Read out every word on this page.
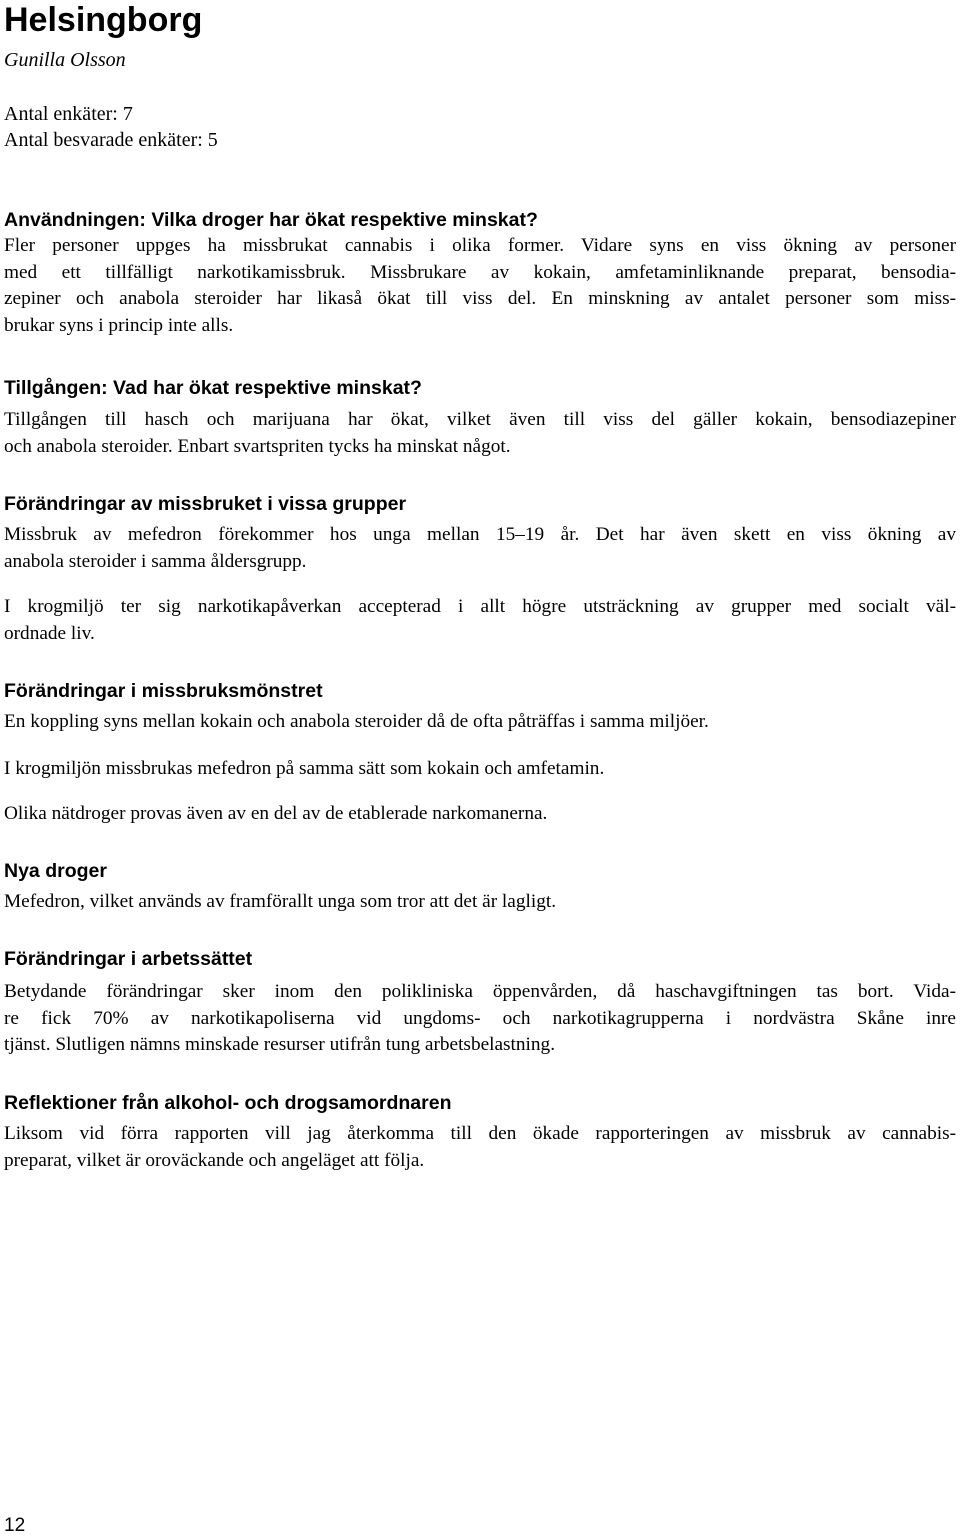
Helsingborg
Gunilla Olsson
Antal enkäter: 7
Antal besvarade enkäter: 5
Användningen: Vilka droger har ökat respektive minskat?
Fler personer uppges ha missbrukat cannabis i olika former. Vidare syns en viss ökning av personer
med ett tillfälligt narkotikamissbruk. Missbrukare av kokain, amfetaminliknande preparat, bensodia-
zepiner och anabola steroider har likaså ökat till viss del. En minskning av antalet personer som miss-
brukar syns i princip inte alls.
Tillgången: Vad har ökat respektive minskat?
Tillgången till hasch och marijuana har ökat, vilket även till viss del gäller kokain, bensodiazepiner
och anabola steroider. Enbart svartspriten tycks ha minskat något.
Förändringar av missbruket i vissa grupper
Missbruk av mefedron förekommer hos unga mellan 15–19 år. Det har även skett en viss ökning av
anabola steroider i samma åldersgrupp.
I krogmiljö ter sig narkotikapåverkan accepterad i allt högre utsträckning av grupper med socialt väl-
ordnade liv.
Förändringar i missbruksmönstret
En koppling syns mellan kokain och anabola steroider då de ofta påträffas i samma miljöer.
I krogmiljön missbrukas mefedron på samma sätt som kokain och amfetamin.
Olika nätdroger provas även av en del av de etablerade narkomanerna.
Nya droger
Mefedron, vilket används av framförallt unga som tror att det är lagligt.
Förändringar i arbetssättet
Betydande förändringar sker inom den polikliniska öppenvården, då haschavgiftningen tas bort. Vida-
re fick 70% av narkotikapoliserna vid ungdoms- och narkotikagrupperna i nordvästra Skåne inre
tjänst. Slutligen nämns minskade resurser utifrån tung arbetsbelastning.
Reflektioner från alkohol- och drogsamordnaren
Liksom vid förra rapporten vill jag återkomma till den ökade rapporteringen av missbruk av cannabis-
preparat, vilket är oroväckande och angeläget att följa.
12
